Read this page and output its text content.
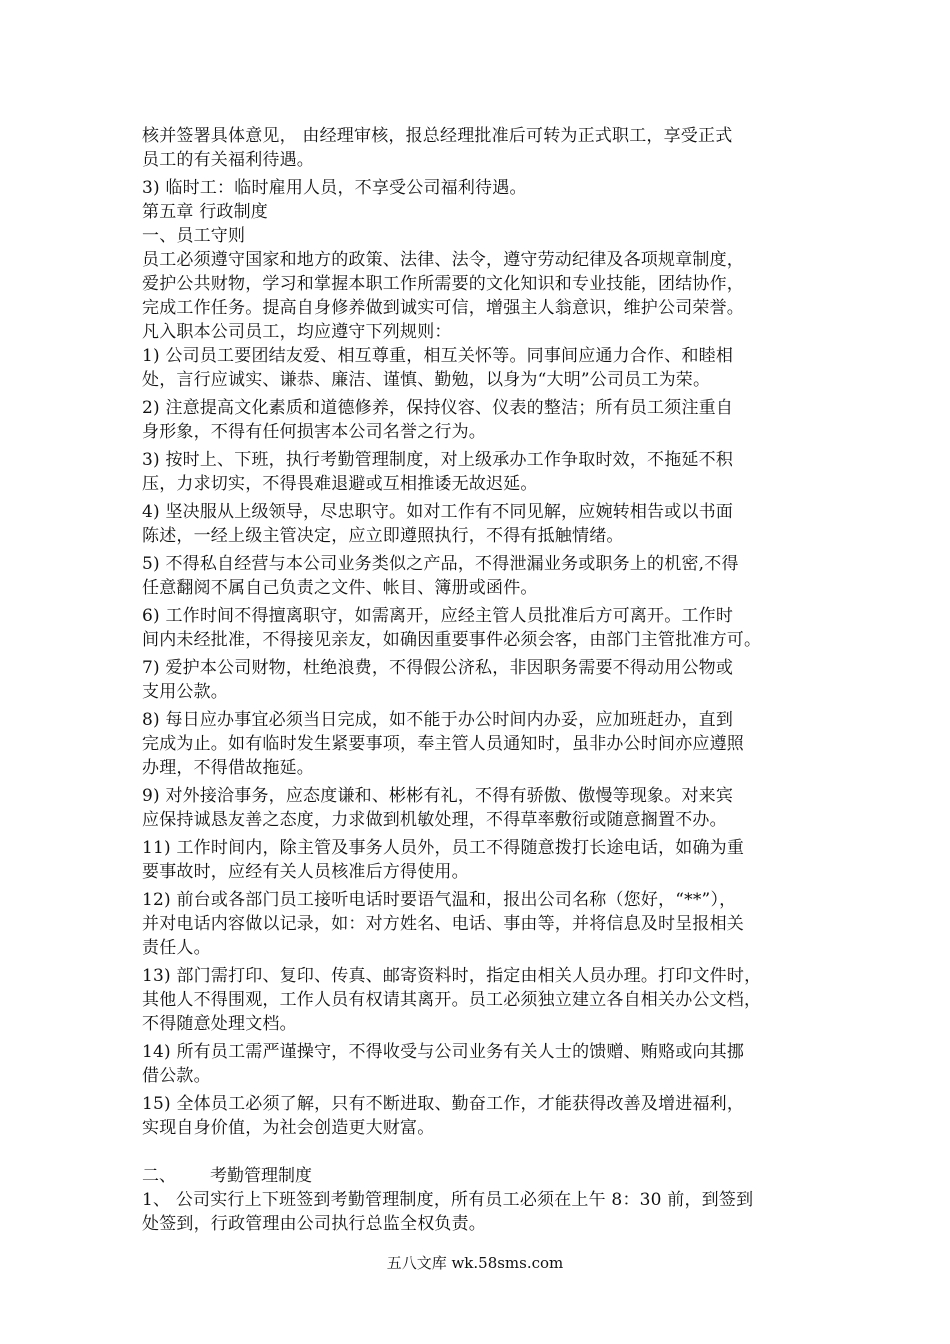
核并签署具体意见， 由经理审核，报总经理批准后可转为正式职工，享受正式
员工的有关福利待遇。
3) 临时工：临时雇用人员，不享受公司福利待遇。
第五章 行政制度
一、员工守则
员工必须遵守国家和地方的政策、法律、法令，遵守劳动纪律及各项规章制度，
爱护公共财物，学习和掌握本职工作所需要的文化知识和专业技能，团结协作，
完成工作任务。提高自身修养做到诚实可信，增强主人翁意识，维护公司荣誉。
凡入职本公司员工，均应遵守下列规则：
1) 公司员工要团结友爱、相互尊重，相互关怀等。同事间应通力合作、和睦相
处，言行应诚实、谦恭、廉洁、谨慎、勤勉，以身为“大明”公司员工为荣。
2) 注意提高文化素质和道德修养，保持仪容、仪表的整洁；所有员工须注重自
身形象，不得有任何损害本公司名誉之行为。
3) 按时上、下班，执行考勤管理制度，对上级承办工作争取时效，不拖延不积
压，力求切实，不得畏难退避或互相推诿无故迟延。
4) 坚决服从上级领导，尽忠职守。如对工作有不同见解，应婉转相告或以书面
陈述，一经上级主管决定，应立即遵照执行，不得有抵触情绪。
5) 不得私自经营与本公司业务类似之产品，不得泄漏业务或职务上的机密,不得
任意翻阅不属自己负责之文件、帐目、簿册或函件。
6) 工作时间不得擅离职守，如需离开，应经主管人员批准后方可离开。工作时
间内未经批准，不得接见亲友，如确因重要事件必须会客，由部门主管批准方可。
7) 爱护本公司财物，杜绝浪费，不得假公济私，非因职务需要不得动用公物或
支用公款。
8) 每日应办事宜必须当日完成，如不能于办公时间内办妥，应加班赶办，直到
完成为止。如有临时发生紧要事项，奉主管人员通知时，虽非办公时间亦应遵照
办理，不得借故拖延。
9) 对外接洽事务，应态度谦和、彬彬有礼，不得有骄傲、傲慢等现象。对来宾
应保持诚恳友善之态度，力求做到机敏处理，不得草率敷衍或随意搁置不办。
11) 工作时间内，除主管及事务人员外，员工不得随意拨打长途电话，如确为重
要事故时，应经有关人员核准后方得使用。
12) 前台或各部门员工接听电话时要语气温和，报出公司名称（您好，“**”），
并对电话内容做以记录，如：对方姓名、电话、事由等，并将信息及时呈报相关
责任人。
13) 部门需打印、复印、传真、邮寄资料时，指定由相关人员办理。打印文件时，
其他人不得围观，工作人员有权请其离开。员工必须独立建立各自相关办公文档，
不得随意处理文档。
14) 所有员工需严谨操守，不得收受与公司业务有关人士的馈赠、贿赂或向其挪
借公款。
15) 全体员工必须了解，只有不断进取、勤奋工作，才能获得改善及增进福利，
实现自身价值，为社会创造更大财富。
二、 考勤管理制度
1、 公司实行上下班签到考勤管理制度，所有员工必须在上午 8：30 前，到签到
处签到，行政管理由公司执行总监全权负责。
五八文库 wk.58sms.com
